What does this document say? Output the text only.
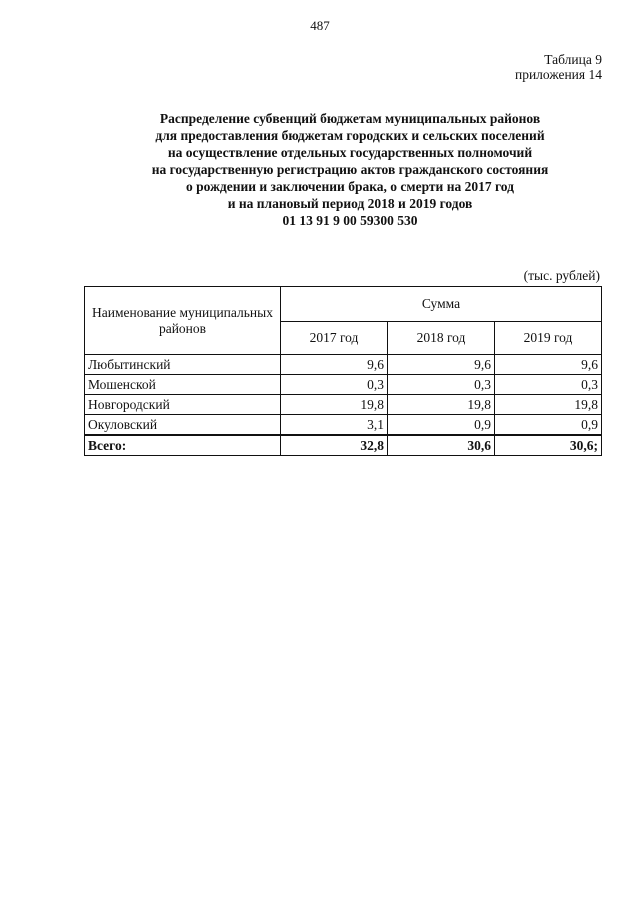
487
Таблица 9
приложения 14
Распределение субвенций бюджетам муниципальных районов
для предоставления бюджетам городских и сельских поселений
на осуществление отдельных государственных полномочий
на государственную регистрацию актов гражданского состояния
о рождении и заключении брака, о смерти на 2017 год
и на плановый период 2018 и 2019 годов
01 13 91 9 00 59300 530
(тыс. рублей)
Наименование муниципальных районов	Сумма		
	2017 год	2018 год	2019 год
Любытинский	9,6	9,6	9,6
Мошенской	0,3	0,3	0,3
Новгородский	19,8	19,8	19,8
Окуловский	3,1	0,9	0,9
Всего:	32,8	30,6	30,6;
